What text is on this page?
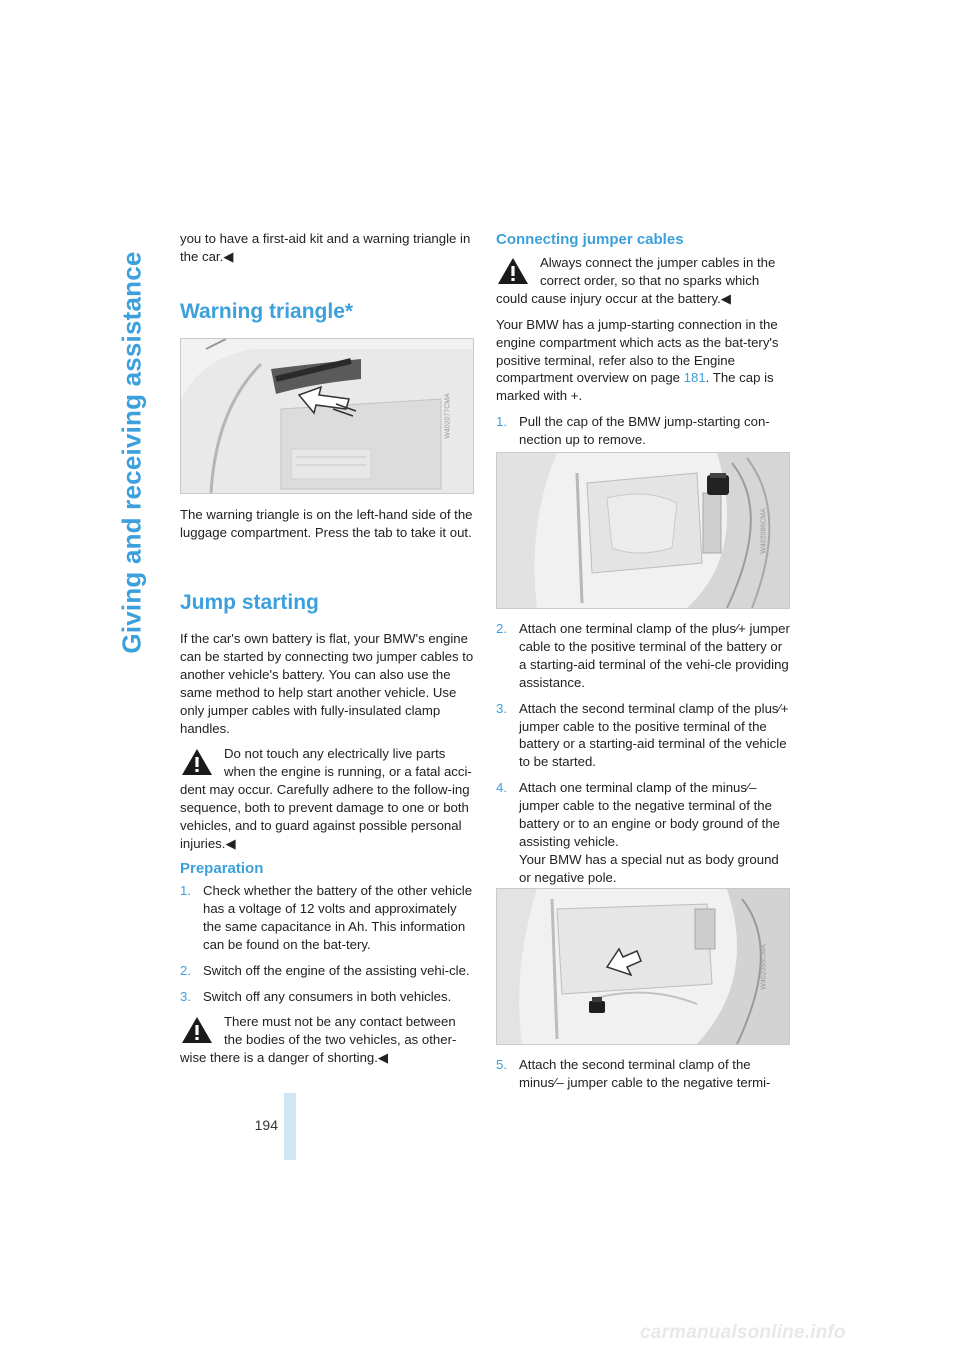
Giving and receiving assistance
194

you to have a first-aid kit and a warning triangle in the car.◀

Warning triangle*
W402077CMA

The warning triangle is on the left-hand side of the luggage compartment. Press the tab to take it out.

Jump starting

If the car's own battery is flat, your BMW's engine can be started by connecting two jumper cables to another vehicle's battery. You can also use the same method to help start another vehicle. Use only jumper cables with fully-insulated clamp handles.

Do not touch any electrically live parts when the engine is running, or a fatal acci-
dent may occur. Carefully adhere to the follow-ing sequence, both to prevent damage to one or both vehicles, and to guard against possible personal injuries.◀
Preparation
1. Check whether the battery of the other vehicle has a voltage of 12 volts and approximately the same capacitance in Ah. This information can be found on the bat-tery.
2. Switch off the engine of the assisting vehi-cle.
3. Switch off any consumers in both vehicles.
There must not be any contact between the bodies of the two vehicles, as other-
wise there is a danger of shorting.◀
Connecting jumper cables
Always connect the jumper cables in the correct order, so that no sparks which
could cause injury occur at the battery.◀

Your BMW has a jump-starting connection in the engine compartment which acts as the bat-tery's positive terminal, refer also to the Engine compartment overview on page 181. The cap is marked with +.

1. Pull the cap of the BMW jump-starting con-nection up to remove.
W402086CMA
2. Attach one terminal clamp of the plus⁄+ jumper cable to the positive terminal of the battery or a starting-aid terminal of the vehi-cle providing assistance.
3. Attach the second terminal clamp of the plus⁄+ jumper cable to the positive terminal of the battery or a starting-aid terminal of the vehicle to be started.
4. Attach one terminal clamp of the minus⁄– jumper cable to the negative terminal of the battery or to an engine or body ground of the assisting vehicle.
Your BMW has a special nut as body ground or negative pole.
W402085CMA
5. Attach the second terminal clamp of the minus⁄– jumper cable to the negative termi-
carmanualsonline.info
